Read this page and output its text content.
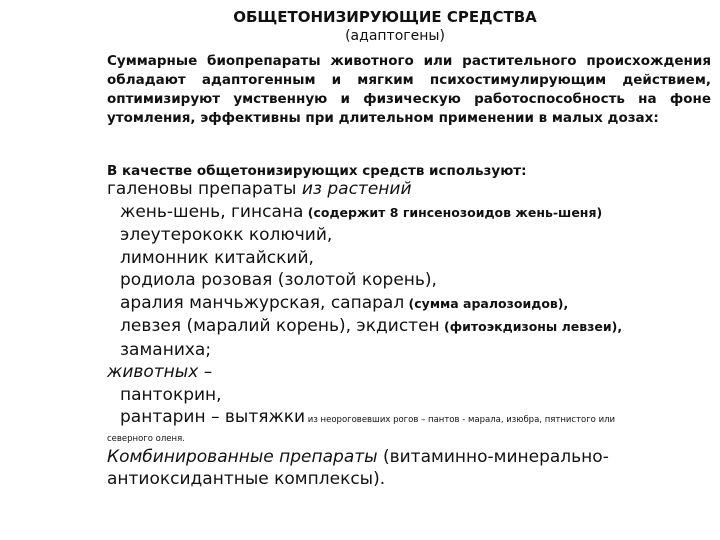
ОБЩЕТОНИЗИРУЮЩИЕ СРЕДСТВА
(адаптогены)
Суммарные биопрепараты животного или растительного происхождения обладают адаптогенным и мягким психостимулирующим действием, оптимизируют умственную и физическую работоспособность на фоне утомления, эффективны при длительном применении в малых дозах:
В качестве общетонизирующих средств используют:
галеновы препараты из растений
жень-шень, гинсана (содержит 8 гинсенозоидов жень-шеня)
элеутерококк колючий,
лимонник китайский,
родиола розовая (золотой корень),
аралия манчьжурская, сапарал (сумма аралозоидов),
левзея (маралий корень), экдистен (фитоэкдизоны левзеи),
заманиха;
животных –
пантокрин,
рантарин – вытяжки из неороговевших рогов – пантов - марала, изюбра, пятнистого или
северного оленя.
Комбинированные препараты (витаминно-минерально-антиоксидантные комплексы).
